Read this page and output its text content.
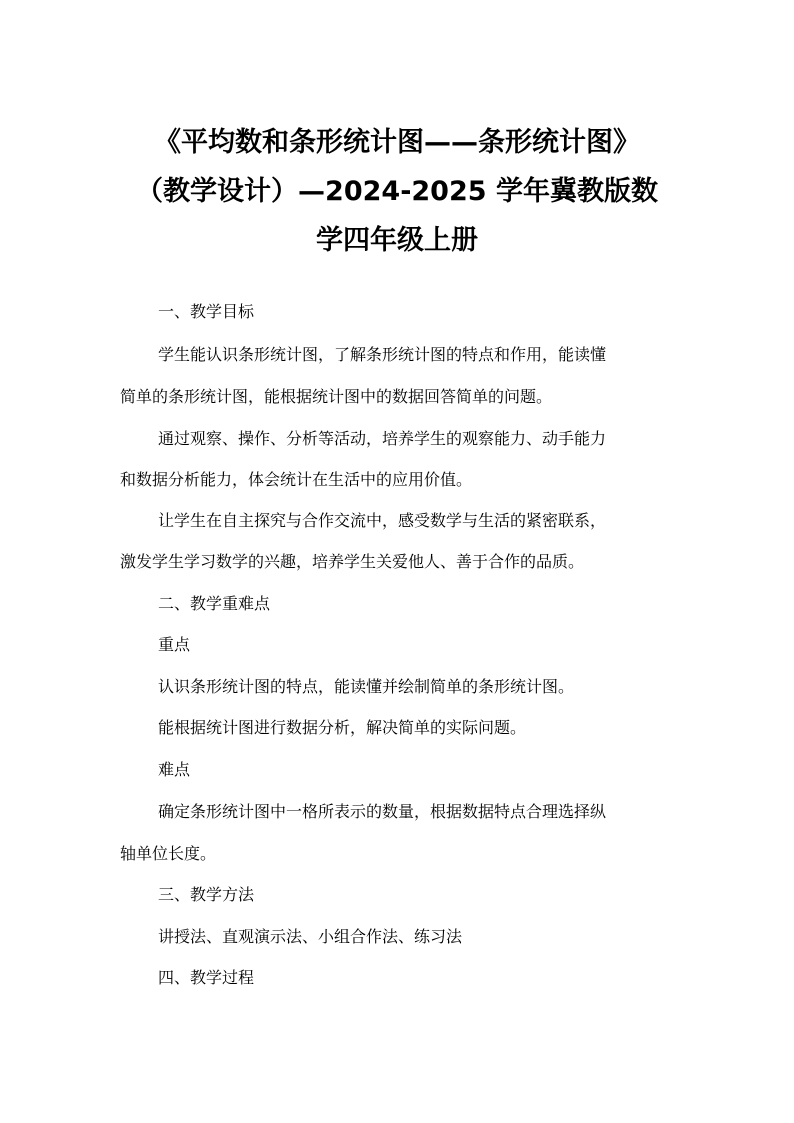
《平均数和条形统计图——条形统计图》
（教学设计）—2024-2025 学年冀教版数
学四年级上册
一、教学目标
学生能认识条形统计图，了解条形统计图的特点和作用，能读懂
简单的条形统计图，能根据统计图中的数据回答简单的问题。
通过观察、操作、分析等活动，培养学生的观察能力、动手能力
和数据分析能力，体会统计在生活中的应用价值。
让学生在自主探究与合作交流中，感受数学与生活的紧密联系，
激发学生学习数学的兴趣，培养学生关爱他人、善于合作的品质。
二、教学重难点
重点
认识条形统计图的特点，能读懂并绘制简单的条形统计图。
能根据统计图进行数据分析，解决简单的实际问题。
难点
确定条形统计图中一格所表示的数量，根据数据特点合理选择纵
轴单位长度。
三、教学方法
讲授法、直观演示法、小组合作法、练习法
四、教学过程
